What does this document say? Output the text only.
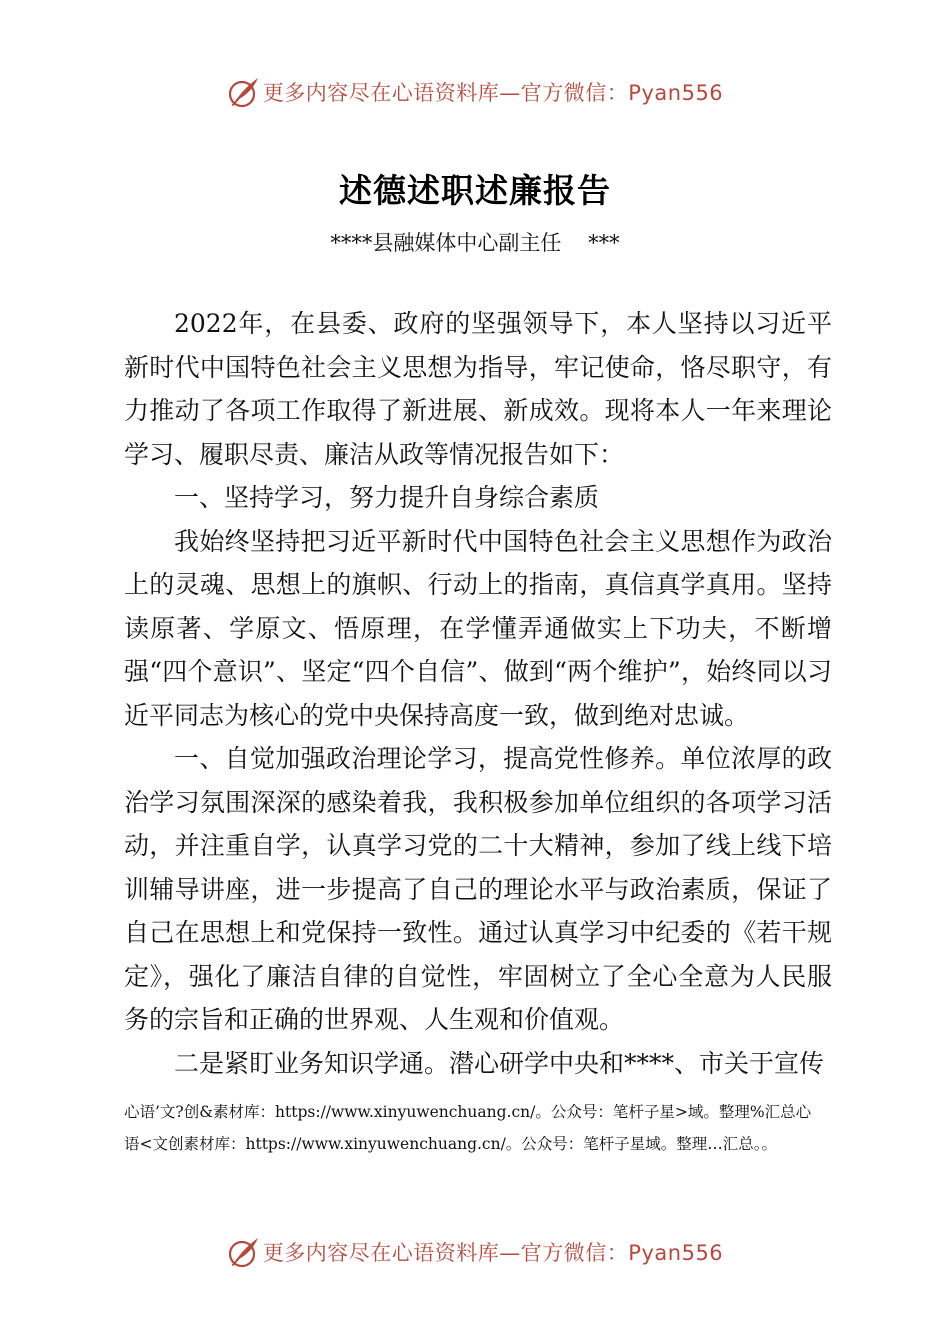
更多内容尽在心语资料库—官方微信：Pyan556
述德述职述廉报告
****县融媒体中心副主任    ***

2022年，在县委、政府的坚强领导下，本人坚持以习近平新时代中国特色社会主义思想为指导，牢记使命，恪尽职守，有力推动了各项工作取得了新进展、新成效。现将本人一年来理论学习、履职尽责、廉洁从政等情况报告如下：

一、坚持学习，努力提升自身综合素质

我始终坚持把习近平新时代中国特色社会主义思想作为政治上的灵魂、思想上的旗帜、行动上的指南，真信真学真用。坚持读原著、学原文、悟原理，在学懂弄通做实上下功夫，不断增强“四个意识”、坚定“四个自信”、做到“两个维护”，始终同以习近平同志为核心的党中央保持高度一致，做到绝对忠诚。

一、自觉加强政治理论学习，提高党性修养。单位浓厚的政治学习氛围深深的感染着我，我积极参加单位组织的各项学习活动，并注重自学，认真学习党的二十大精神，参加了线上线下培训辅导讲座，进一步提高了自己的理论水平与政治素质，保证了自己在思想上和党保持一致性。通过认真学习中纪委的《若干规定》，强化了廉洁自律的自觉性，牢固树立了全心全意为人民服务的宗旨和正确的世界观、人生观和价值观。

二是紧盯业务知识学通。潜心研学中央和****、市关于宣传

心语’文?创&素材库：https://www.xinyuwenchuang.cn/。公众号：笔杆子星>域。整理%汇总心
语<文创素材库：https://www.xinyuwenchuang.cn/。公众号：笔杆子星域。整理…汇总。。
更多内容尽在心语资料库—官方微信：Pyan556
